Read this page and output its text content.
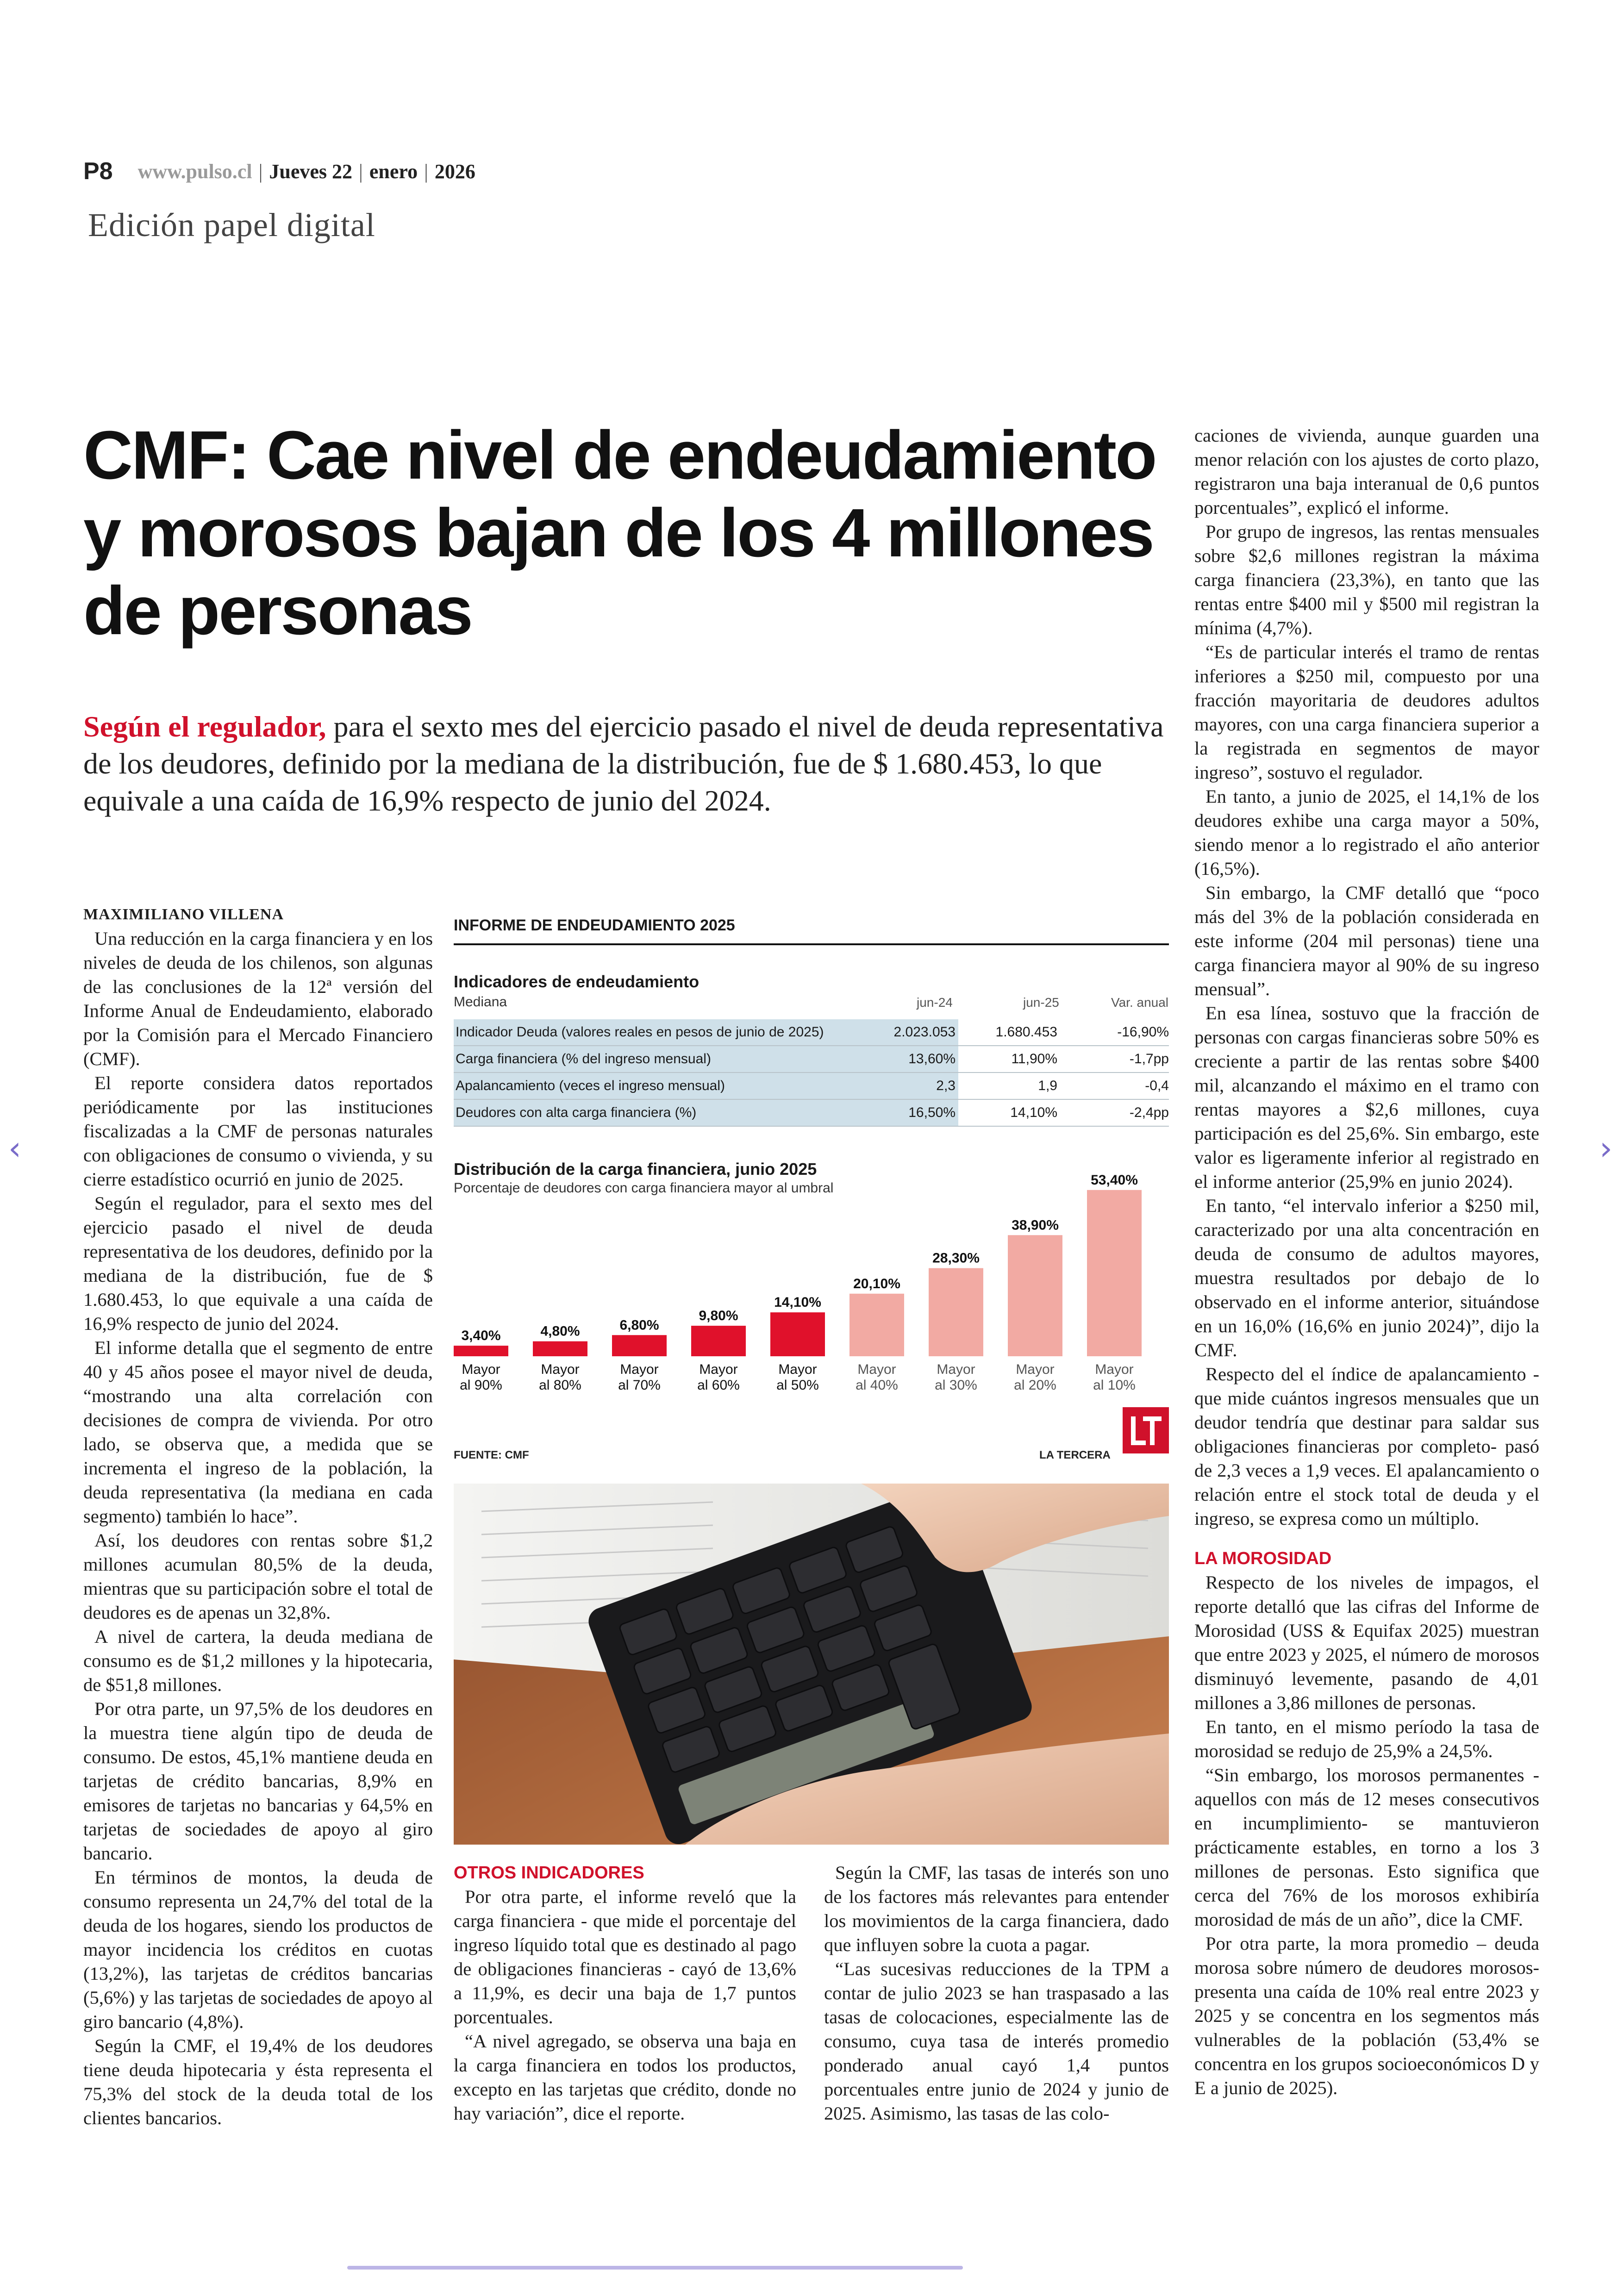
P8 www.pulso.cl | Jueves 22 | enero | 2026
Edición papel digital
CMF: Cae nivel de endeudamiento y morosos bajan de los 4 millones de personas
Según el regulador, para el sexto mes del ejercicio pasado el nivel de deuda representativa de los deudores, definido por la mediana de la distribución, fue de $ 1.680.453, lo que equivale a una caída de 16,9% respecto de junio del 2024.

MAXIMILIANO VILLENA

Una reducción en la carga financiera y en los niveles de deuda de los chilenos, son algunas de las conclusiones de la 12ª versión del Informe Anual de Endeudamiento, elaborado por la Comisión para el Mercado Financiero (CMF).

El reporte considera datos reportados periódicamente por las instituciones fiscalizadas a la CMF de personas naturales con obligaciones de consumo o vivienda, y su cierre estadístico ocurrió en junio de 2025.

Según el regulador, para el sexto mes del ejercicio pasado el nivel de deuda representativa de los deudores, definido por la mediana de la distribución, fue de $ 1.680.453, lo que equivale a una caída de 16,9% respecto de junio del 2024.

El informe detalla que el segmento de entre 40 y 45 años posee el mayor nivel de deuda, “mostrando una alta correlación con decisiones de compra de vivienda. Por otro lado, se observa que, a medida que se incrementa el ingreso de la población, la deuda representativa (la mediana en cada segmento) también lo hace”.

Así, los deudores con rentas sobre $1,2 millones acumulan 80,5% de la deuda, mientras que su participación sobre el total de deudores es de apenas un 32,8%.

A nivel de cartera, la deuda mediana de consumo es de $1,2 millones y la hipotecaria, de $51,8 millones.

Por otra parte, un 97,5% de los deudores en la muestra tiene algún tipo de deuda de consumo. De estos, 45,1% mantiene deuda en tarjetas de crédito bancarias, 8,9% en emisores de tarjetas no bancarias y 64,5% en tarjetas de sociedades de apoyo al giro bancario.

En términos de montos, la deuda de consumo representa un 24,7% del total de la deuda de los hogares, siendo los productos de mayor incidencia los créditos en cuotas (13,2%), las tarjetas de créditos bancarias (5,6%) y las tarjetas de sociedades de apoyo al giro bancario (4,8%).

Según la CMF, el 19,4% de los deudores tiene deuda hipotecaria y ésta representa el 75,3% del stock de la deuda total de los clientes bancarios.

INFORME DE ENDEUDAMIENTO 2025
Indicadores de endeudamiento
Mediana	jun-24	jun-25	Var. anual
Indicador Deuda (valores reales en pesos de junio de 2025)	2.023.053	1.680.453	-16,90%
Carga financiera (% del ingreso mensual)	13,60%	11,90%	-1,7pp
Apalancamiento (veces el ingreso mensual)	2,3	1,9	-0,4
Deudores con alta carga financiera (%)	16,50%	14,10%	-2,4pp
Distribución de la carga financiera, junio 2025
Porcentaje de deudores con carga financiera mayor al umbral
3,40%
Mayor al 90%
4,80%
Mayor al 80%
6,80%
Mayor al 70%
9,80%
Mayor al 60%
14,10%
Mayor al 50%
20,10%
Mayor al 40%
28,30%
Mayor al 30%
38,90%
Mayor al 20%
53,40%
Mayor al 10%
FUENTE: CMF	LA TERCERA

OTROS INDICADORES

Por otra parte, el informe reveló que la carga financiera - que mide el porcentaje del ingreso líquido total que es destinado al pago de obligaciones financieras - cayó de 13,6% a 11,9%, es decir una baja de 1,7 puntos porcentuales.

“A nivel agregado, se observa una baja en la carga financiera en todos los productos, excepto en las tarjetas que crédito, donde no hay variación”, dice el reporte.

Según la CMF, las tasas de interés son uno de los factores más relevantes para entender los movimientos de la carga financiera, dado que influyen sobre la cuota a pagar.

“Las sucesivas reducciones de la TPM a contar de julio 2023 se han traspasado a las tasas de colocaciones, especialmente las de consumo, cuya tasa de interés promedio ponderado anual cayó 1,4 puntos porcentuales entre junio de 2024 y junio de 2025. Asimismo, las tasas de las colo-

caciones de vivienda, aunque guarden una menor relación con los ajustes de corto plazo, registraron una baja interanual de 0,6 puntos porcentuales”, explicó el informe.

Por grupo de ingresos, las rentas mensuales sobre $2,6 millones registran la máxima carga financiera (23,3%), en tanto que las rentas entre $400 mil y $500 mil registran la mínima (4,7%).

“Es de particular interés el tramo de rentas inferiores a $250 mil, compuesto por una fracción mayoritaria de deudores adultos mayores, con una carga financiera superior a la registrada en segmentos de mayor ingreso”, sostuvo el regulador.

En tanto, a junio de 2025, el 14,1% de los deudores exhibe una carga mayor a 50%, siendo menor a lo registrado el año anterior (16,5%).

Sin embargo, la CMF detalló que “poco más del 3% de la población considerada en este informe (204 mil personas) tiene una carga financiera mayor al 90% de su ingreso mensual”.

En esa línea, sostuvo que la fracción de personas con cargas financieras sobre 50% es creciente a partir de las rentas sobre $400 mil, alcanzando el máximo en el tramo con rentas mayores a $2,6 millones, cuya participación es del 25,6%. Sin embargo, este valor es ligeramente inferior al registrado en el informe anterior (25,9% en junio 2024).

En tanto, “el intervalo inferior a $250 mil, caracterizado por una alta concentración en deuda de consumo de adultos mayores, muestra resultados por debajo de lo observado en el informe anterior, situándose en un 16,0% (16,6% en junio 2024)”, dijo la CMF.

Respecto del el índice de apalancamiento - que mide cuántos ingresos mensuales que un deudor tendría que destinar para saldar sus obligaciones financieras por completo- pasó de 2,3 veces a 1,9 veces. El apalancamiento o relación entre el stock total de deuda y el ingreso, se expresa como un múltiplo.

LA MOROSIDAD

Respecto de los niveles de impagos, el reporte detalló que las cifras del Informe de Morosidad (USS & Equifax 2025) muestran que entre 2023 y 2025, el número de morosos disminuyó levemente, pasando de 4,01 millones a 3,86 millones de personas.

En tanto, en el mismo período la tasa de morosidad se redujo de 25,9% a 24,5%.

“Sin embargo, los morosos permanentes -aquellos con más de 12 meses consecutivos en incumplimiento- se mantuvieron prácticamente estables, en torno a los 3 millones de personas. Esto significa que cerca del 76% de los morosos exhibiría morosidad de más de un año”, dice la CMF.

Por otra parte, la mora promedio – deuda morosa sobre número de deudores morosos- presenta una caída de 10% real entre 2023 y 2025 y se concentra en los segmentos más vulnerables de la población (53,4% se concentra en los grupos socioeconómicos D y E a junio de 2025).

‹	›
